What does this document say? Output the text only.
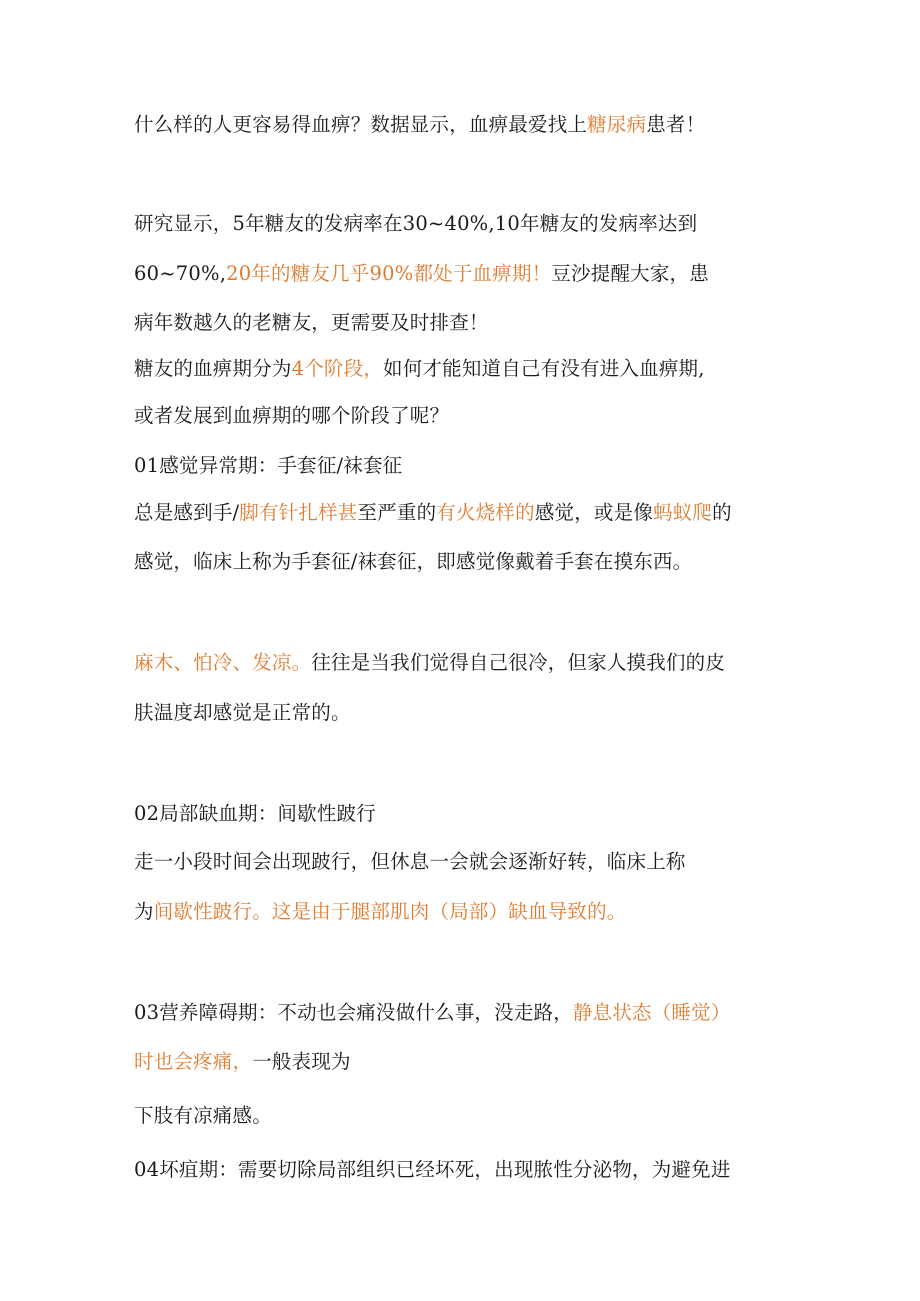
什么样的人更容易得血痹？数据显示，血痹最爱找上糖尿病患者！
研究显示，5年糖友的发病率在30~40%,10年糖友的发病率达到
60~70%,20年的糖友几乎90%都处于血痹期！豆沙提醒大家，患
病年数越久的老糖友，更需要及时排查！
糖友的血痹期分为4个阶段，如何才能知道自己有没有进入血痹期,
或者发展到血痹期的哪个阶段了呢？
01感觉异常期：手套征/袜套征
总是感到手/脚有针扎样甚至严重的有火烧样的感觉，或是像蚂蚁爬的
感觉，临床上称为手套征/袜套征，即感觉像戴着手套在摸东西。
麻木、怕冷、发凉。往往是当我们觉得自己很冷，但家人摸我们的皮
肤温度却感觉是正常的。
02局部缺血期：间歇性跛行
走一小段时间会出现跛行，但休息一会就会逐渐好转，临床上称
为间歇性跛行。这是由于腿部肌肉（局部）缺血导致的。
03营养障碍期：不动也会痛没做什么事，没走路，静息状态（睡觉）
时也会疼痛，一般表现为
下肢有凉痛感。
04坏疽期：需要切除局部组织已经坏死，出现脓性分泌物，为避免进
